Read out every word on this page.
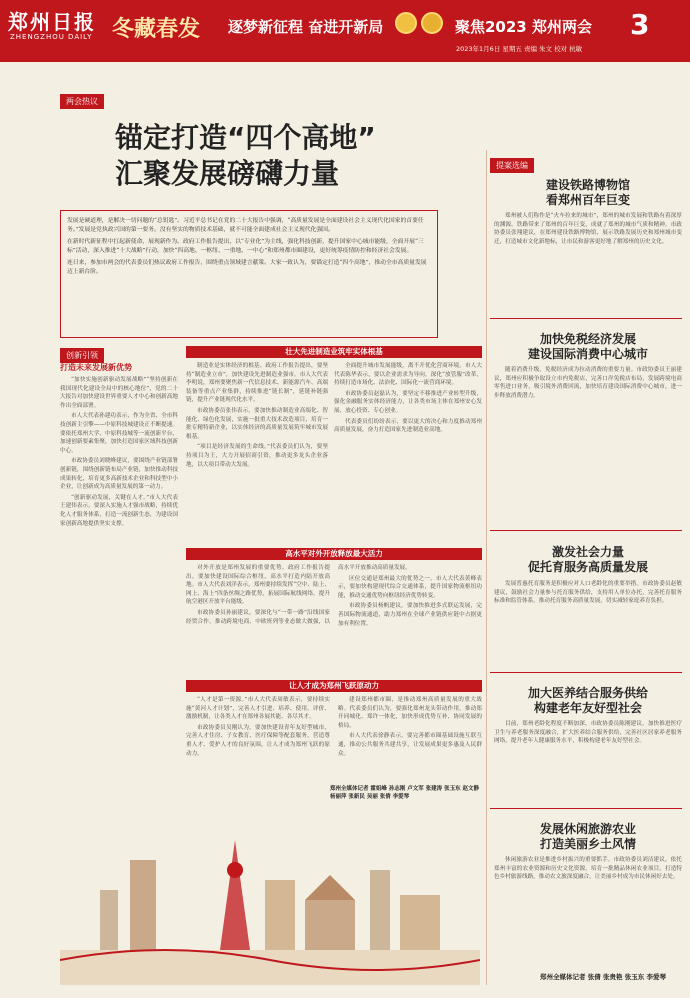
郑州日报
ZHENGZHOU DAILY 冬藏春发 逐梦新征程 奋进开新局	聚焦2023 郑州两会 3
2023年1月6日 星期五 责编 朱文 校对 杭敏
两会热议
锚定打造“四个高地”
汇聚发展磅礴力量

发展是硬道理，是解决一切问题的“总钥匙”。习近平总书记在党的二十大报告中强调，“高质量发展是全面建设社会主义现代化国家的首要任务。”发展是党执政兴国的第一要务。没有坚实的物质技术基础，就不可能全面建成社会主义现代化强国。

在新时代新征程中扛起新使命，展现新作为。政府工作报告提出，以“专业化”为主线，强化科技创新，提升国家中心城市能级，全面开展“三标”活动，深入推进“十大战略”行动，加快“四高地、一枢纽、一重地、一中心”和郑州都市圈建设，更好统筹疫情防控和经济社会发展。

连日来，参加市两会的代表委员们热议政府工作报告，围绕重点领域建言献策。大家一致认为，要锚定打造“四个高地”，推动全市高质量发展迈上新台阶。

创新引领
打造未来发展新优势

“加快实施创新驱动发展战略”“坚持创新在我国现代化建设全局中的核心地位”，党的二十大报告对加快建设世界重要人才中心和创新高地作出全面部署。

市人大代表孙建功表示，作为全省、全市科技创新主引擎——中原科技城建设正不断提速。要依托郑州大学、中原科技城等一流创新平台，加速创新要素集聚，加快打造国家区域科技创新中心。

市政协委员刘晓峰建议，要围绕产业链部署创新链，围绕创新链布局产业链，加快推动科技成果转化，培育更多高新技术企业和科技型中小企业，让创新成为高质量发展的第一动力。

“创新驱动发展，关键在人才。”市人大代表王建伟表示，要深入实施人才强市战略，持续优化人才服务体系，打造一流创新生态，为建设国家创新高地提供坚实支撑。

壮大先进制造业筑牢实体根基

制造业是实体经济的根基。政府工作报告提出，要坚持“制造业立市”，加快建设先进制造业强市。市人大代表李明说，郑州要聚焦新一代信息技术、新能源汽车、高端装备等重点产业集群，持续推进“链长制”，延链补链强链，提升产业链现代化水平。

市政协委员张伟表示，要加快推动制造业高端化、智能化、绿色化发展，实施一批重大技术改造项目，培育一批专精特新企业，以实体经济的高质量发展筑牢城市发展根基。

“项目是经济发展的生命线。”代表委员们认为，要坚持项目为王，大力开展招商引资，推动更多龙头企业落地，以大项目带动大发展。

全面提升城市发展能级，离不开优化营商环境。市人大代表陈华表示，要以企业需求为导向，深化“放管服”改革，持续打造市场化、法治化、国际化一流营商环境。

市政协委员赵磊认为，要坚定不移推进产业转型升级，强化金融服务实体经济能力，让各类市场主体在郑州安心发展、放心投资、专心创业。

代表委员们纷纷表示，要以更大的决心和力度推动郑州高质量发展，奋力打造国家先进制造业高地。

高水平对外开放释放最大活力

对外开放是郑州发展的重要优势。政府工作报告提出，要加快建设国际综合枢纽，高水平打造内陆开放高地。市人大代表刘洋表示，郑州要持续发挥“空中、陆上、网上、海上”四条丝绸之路优势，拓展国际航线网络，提升航空港区开放平台能级。

市政协委员孙丽建议，要深化与“一带一路”沿线国家经贸合作，推动跨境电商、中欧班列等业态做大做强，以高水平开放推动高质量发展。

区位交通是郑州最大的优势之一。市人大代表黄峰表示，要加快构建现代综合交通体系，提升国家物流枢纽功能，推动交通优势向枢纽经济优势转变。

市政协委员杨帆建议，要加快推进多式联运发展，完善国际物流通道，助力郑州在全球产业链供应链中占据更加有利位置。

让人才成为郑州飞跃原动力

“人才是第一资源。”市人大代表周敏表示，要持续实施“黄河人才计划”，完善人才引进、培养、使用、评价、激励机制，让各类人才在郑州各展其能、各尽其才。

市政协委员吴刚认为，要加快建设青年友好型城市，完善人才住房、子女教育、医疗保障等配套服务，营造尊重人才、爱护人才的良好氛围，让人才成为郑州飞跃的原动力。

建设郑州都市圈，是推动郑州高质量发展的重大战略。代表委员们认为，要强化郑州龙头带动作用，推动郑开同城化、郑许一体化，加快形成优势互补、协同发展的格局。

市人大代表徐静表示，要完善都市圈基础设施互联互通，推动公共服务共建共享，让发展成果更多惠及人民群众。

郑州全媒体记者 霍姐峰 孙志刚 卢文军 张建涛 张玉东 赵文静 杨丽萍 张新民 吴丽 张倩 李爱琴
提案选编
建设铁路博物馆
看郑州百年巨变

郑州被人们称作是“火车拉来的城市”，郑州的城市发展和铁路有着深厚的渊源。铁路带来了郑州的百年巨变，成就了郑州的城市气质和精神。市政协委员张翔建议，在郑州建设铁路博物馆，展示铁路发展历史和郑州城市变迁，打造城市文化新地标，让市民和游客更好地了解郑州的历史文化。

加快免税经济发展
建设国际消费中心城市

随着消费升级，免税经济成为拉动消费的重要力量。市政协委员王丽建议，郑州应积极争取设立市内免税店，完善口岸免税店布局，发展跨境电商零售进口业务，吸引境外消费回流，加快培育建设国际消费中心城市，进一步释放消费潜力。

激发社会力量
促托育服务高质量发展

发展普惠托育服务是积极应对人口老龄化的重要举措。市政协委员赵敏建议，鼓励社会力量参与托育服务供给，支持用人单位办托，完善托育服务标准和监管体系，推动托育服务高质量发展，切实减轻家庭养育负担。

加大医养结合服务供给
构建老年友好型社会

目前，郑州老龄化程度不断加深，市政协委员陈刚建议，加快推进医疗卫生与养老服务深度融合，扩大医养结合服务供给，完善社区居家养老服务网络，提升老年人健康服务水平，积极构建老年友好型社会。

发展休闲旅游农业
打造美丽乡土风情

休闲旅游农业是推进乡村振兴的重要抓手。市政协委员刘洁建议，依托郑州丰富的农业资源和历史文化资源，培育一批精品休闲农业项目，打造特色乡村旅游线路，推动农文旅深度融合，让美丽乡村成为市民休闲好去处。

郑州全媒体记者 张倩 张贵艳 张玉东 李爱琴
